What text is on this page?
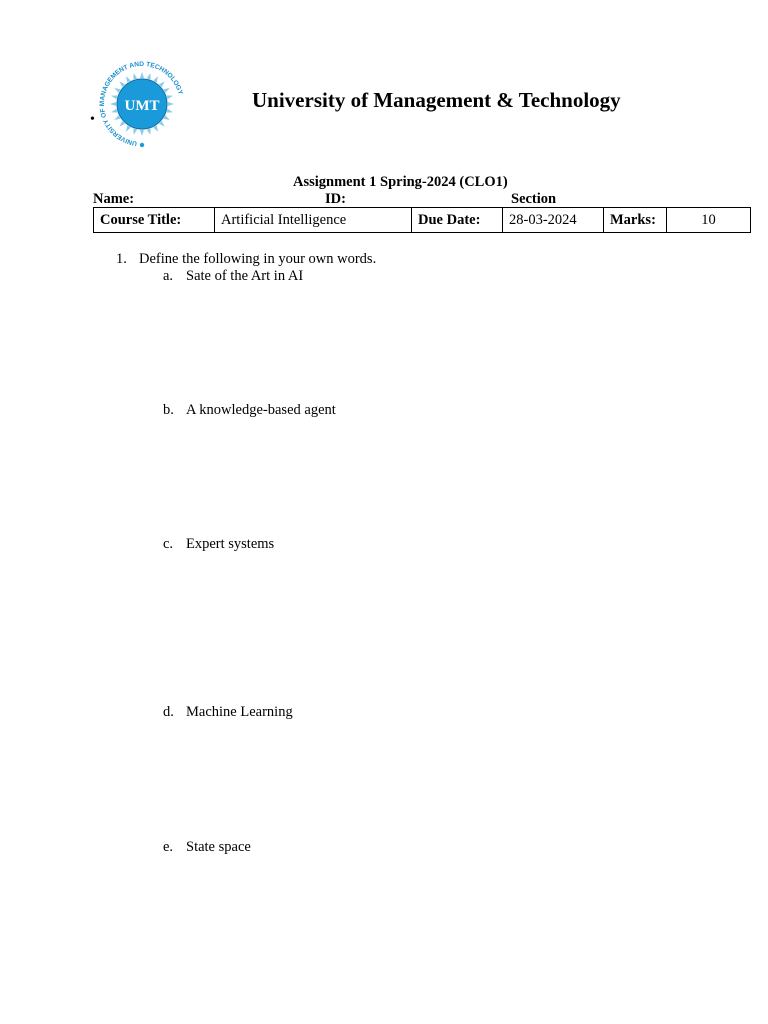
UMT
UNIVERSITY OF MANAGEMENT AND TECHNOLOGY
•
University of Management & Technology
Assignment 1 Spring-2024 (CLO1)
Name:	ID:	Section
Course Title:	Artificial Intelligence	Due Date:	28-03-2024	Marks:	10
1. Define the following in your own words.
a. Sate of the Art in AI
b. A knowledge-based agent
c. Expert systems
d. Machine Learning
e. State space
